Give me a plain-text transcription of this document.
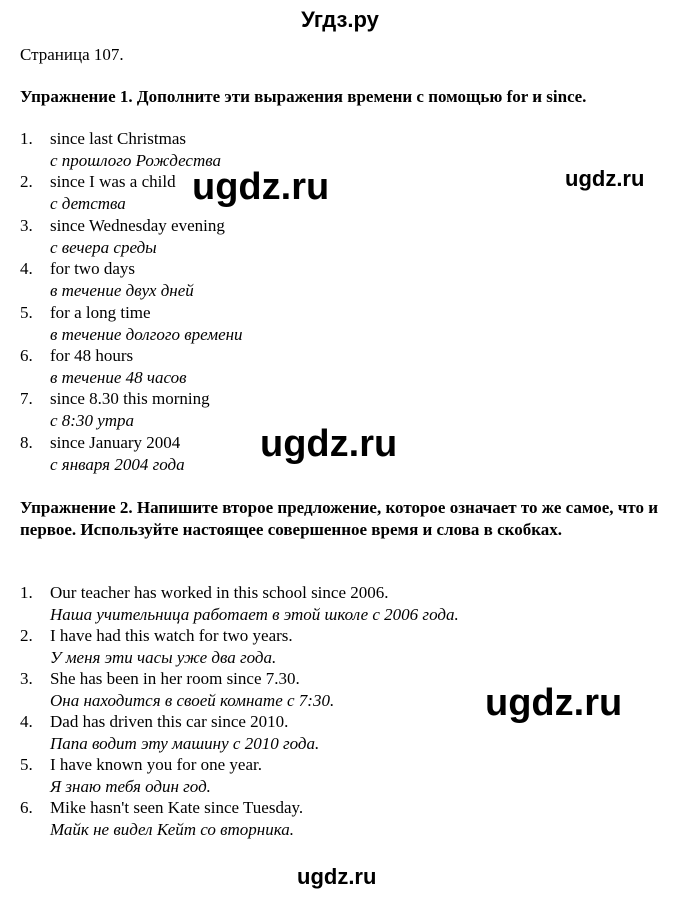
Угдз.ру
Страница 107.
Упражнение 1. Дополните эти выражения времени с помощью for и since.
1. since last Christmas
с прошлого Рождества
2. since I was a child
с детства
3. since Wednesday evening
с вечера среды
4. for two days
в течение двух дней
5. for a long time
в течение долгого времени
6. for 48 hours
в течение 48 часов
7. since 8.30 this morning
с 8:30 утра
8. since January 2004
с января 2004 года
Упражнение 2. Напишите второе предложение, которое означает то же самое, что и первое. Используйте настоящее совершенное время и слова в скобках.
1. Our teacher has worked in this school since 2006.
Наша учительница работает в этой школе с 2006 года.
2. I have had this watch for two years.
У меня эти часы уже два года.
3. She has been in her room since 7.30.
Она находится в своей комнате с 7:30.
4. Dad has driven this car since 2010.
Папа водит эту машину с 2010 года.
5. I have known you for one year.
Я знаю тебя один год.
6. Mike hasn't seen Kate since Tuesday.
Майк не видел Кейт со вторника.
ugdz.ru	ugdz.ru
ugdz.ru
ugdz.ru
ugdz.ru
